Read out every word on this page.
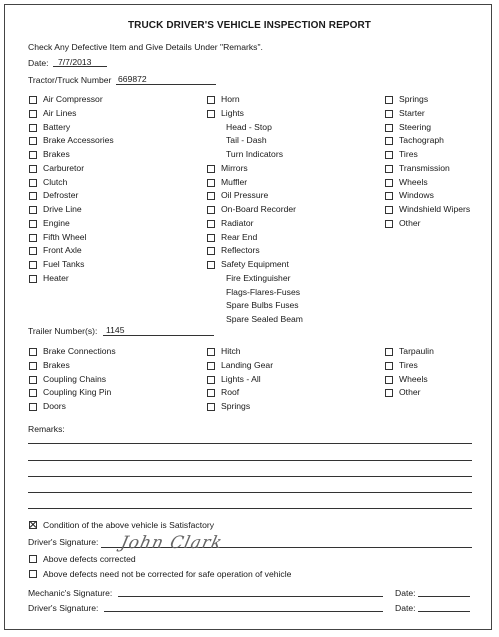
TRUCK DRIVER'S VEHICLE INSPECTION REPORT
Check Any Defective Item and Give Details Under "Remarks".
Date: 7/7/2013
Tractor/Truck Number 669872
Air Compressor
Air Lines
Battery
Brake Accessories
Brakes
Carburetor
Clutch
Defroster
Drive Line
Engine
Fifth Wheel
Front Axle
Fuel Tanks
Heater
Horn
Lights
Head - Stop
Tail - Dash
Turn Indicators
Mirrors
Muffler
Oil Pressure
On-Board Recorder
Radiator
Rear End
Reflectors
Safety Equipment
Fire Extinguisher
Flags-Flares-Fuses
Spare Bulbs Fuses
Spare Sealed Beam
Springs
Starter
Steering
Tachograph
Tires
Transmission
Wheels
Windows
Windshield Wipers
Other
Trailer Number(s): 1145
Brake Connections
Brakes
Coupling Chains
Coupling King Pin
Doors
Hitch
Landing Gear
Lights - All
Roof
Springs
Tarpaulin
Tires
Wheels
Other
Remarks:
Condition of the above vehicle is Satisfactory
Driver's Signature: John Clark
Above defects corrected
Above defects need not be corrected for safe operation of vehicle
Mechanic's Signature:	Date:
Driver's Signature:	Date:
